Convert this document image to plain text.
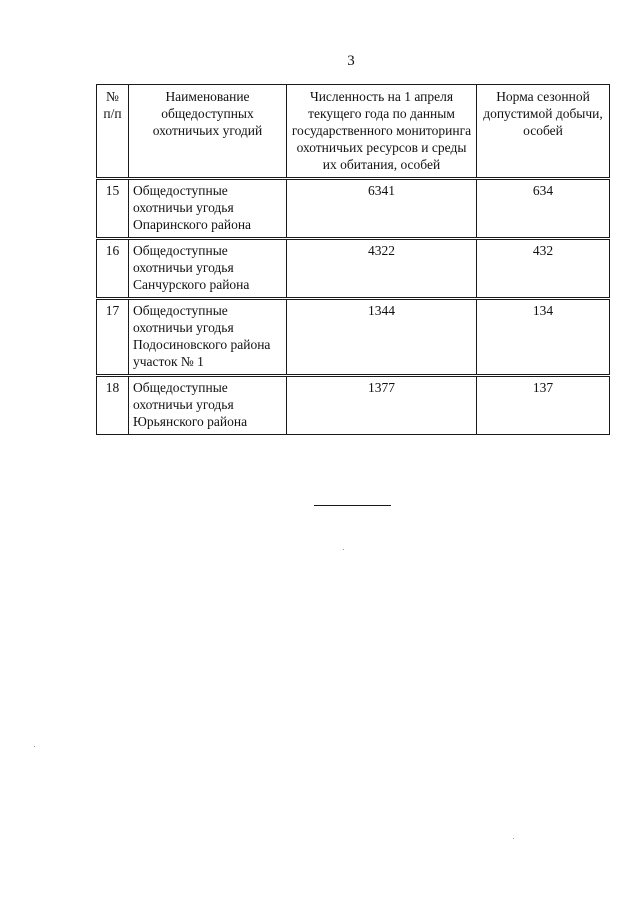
3
№ п/п	Наименование общедоступных охотничьих угодий	Численность на 1 апреля текущего года по данным государственного мониторинга охотничьих ресурсов и среды их обитания, особей	Норма сезонной допустимой добычи, особей
15	Общедоступные охотничьи угодья Опаринского района	6341	634
16	Общедоступные охотничьи угодья Санчурского района	4322	432
17	Общедоступные охотничьи угодья Подосиновского района участок № 1	1344	134
18	Общедоступные охотничьи угодья Юрьянского района	1377	137
